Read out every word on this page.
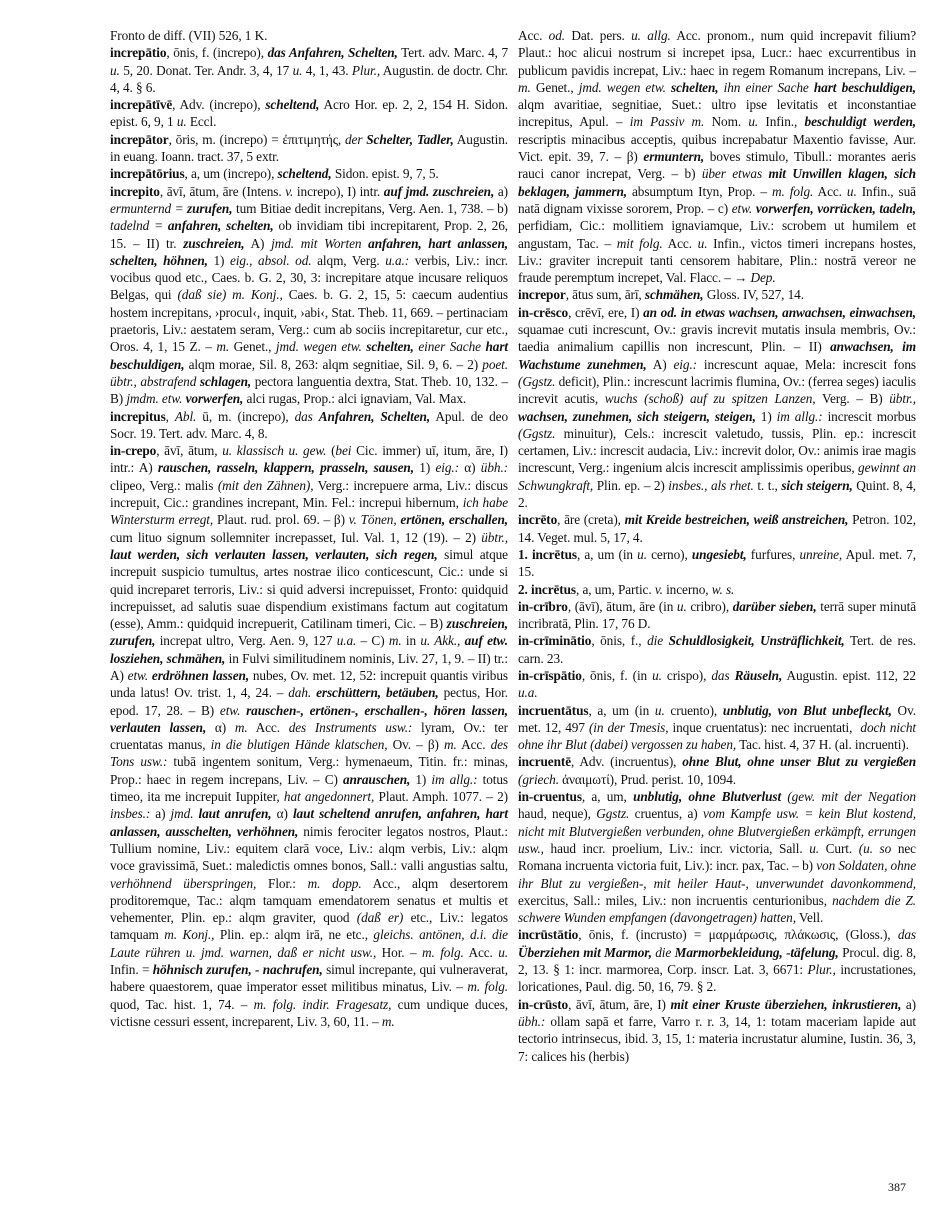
Fronto de diff. (VII) 526, 1 K.

increpātio, ōnis, f. (increpo), das Anfahren, Schelten, Tert. adv. Marc. 4, 7 u. 5, 20. Donat. Ter. Andr. 3, 4, 17 u. 4, 1, 43. Plur., Augustin. de doctr. Chr. 4, 4. § 6.

increpātīvē, Adv. (increpo), scheltend, Acro Hor. ep. 2, 2, 154 H. Sidon. epist. 6, 9, 1 u. Eccl.

increpātor, ōris, m. (increpo) = ἐπιτιμητής, der Schelter, Tadler, Augustin. in euang. Ioann. tract. 37, 5 extr.

increpātōrius, a, um (increpo), scheltend, Sidon. epist. 9, 7, 5.

increpito, āvī, ātum, āre (Intens. v. increpo), I) intr. auf jmd. zuschreien, a) ermunternd = zurufen, tum Bitiae dedit increpitans, Verg. Aen. 1, 738. – b) tadelnd = anfahren, schelten, ob invidiam tibi increpitarent, Prop. 2, 26, 15. – II) tr. zuschreien, A) jmd. mit Worten anfahren, hart anlassen, schelten, höhnen, 1) eig., absol. od. alqm, Verg. u.a.: verbis, Liv.: incr. vocibus quod etc., Caes. b. G. 2, 30, 3: increpitare atque incusare reliquos Belgas, qui (daß sie) m. Konj., Caes. b. G. 2, 15, 5: caecum audentius hostem increpitans, ›procul‹, inquit, ›abi‹, Stat. Theb. 11, 669. – pertinaciam praetoris, Liv.: aestatem seram, Verg.: cum ab sociis increpitaretur, cur etc., Oros. 4, 1, 15 Z. – m. Genet., jmd. wegen etw. schelten, einer Sache hart beschuldigen, alqm morae, Sil. 8, 263: alqm segnitiae, Sil. 9, 6. – 2) poet. übtr., abstrafend schlagen, pectora languentia dextra, Stat. Theb. 10, 132. – B) jmdm. etw. vorwerfen, alci rugas, Prop.: alci ignaviam, Val. Max.

increpitus, Abl. ū, m. (increpo), das Anfahren, Schelten, Apul. de deo Socr. 19. Tert. adv. Marc. 4, 8.

in-crepo, āvī, ātum, u. klassisch u. gew. (bei Cic. immer) uī, itum, āre, I) intr.: A) rauschen, rasseln, klappern, prasseln, sausen, 1) eig.: α) übh.: clipeo, Verg.: malis (mit den Zähnen), Verg.: increpuere arma, Liv.: discus increpuit, Cic.: grandines increpant, Min. Fel.: increpui hibernum, ich habe Wintersturm erregt, Plaut. rud. prol. 69. – β) v. Tönen, ertönen, erschallen, cum lituo signum sollemniter increpasset, Iul. Val. 1, 12 (19). – 2) übtr., laut werden, sich verlauten lassen, verlauten, sich regen, simul atque increpuit suspicio tumultus, artes nostrae ilico conticescunt, Cic.: unde si quid increparet terroris, Liv.: si quid adversi increpuisset, Fronto: quidquid increpuisset, ad salutis suae dispendium existimans factum aut cogitatum (esse), Amm.: quidquid increpuerit, Catilinam timeri, Cic. – B) zuschreien, zurufen, increpat ultro, Verg. Aen. 9, 127 u.a. – C) m. in u. Akk., auf etw. losziehen, schmähen, in Fulvi similitudinem nominis, Liv. 27, 1, 9. – II) tr.: A) etw. erdröhnen lassen, nubes, Ov. met. 12, 52: increpuit quantis viribus unda latus! Ov. trist. 1, 4, 24. – dah. erschüttern, betäuben, pectus, Hor. epod. 17, 28. – B) etw. rauschen-, ertönen-, erschallen-, hören lassen, verlauten lassen, α) m. Acc. des Instruments usw.: lyram, Ov.: ter cruentatas manus, in die blutigen Hände klatschen, Ov. – β) m. Acc. des Tons usw.: tubā ingentem sonitum, Verg.: hymenaeum, Titin. fr.: minas, Prop.: haec in regem increpans, Liv. – C) anrauschen, 1) im allg.: totus timeo, ita me increpuit Iuppiter, hat angedonnert, Plaut. Amph. 1077. – 2) insbes.: a) jmd. laut anrufen, α) laut scheltend anrufen, anfahren, hart anlassen, ausschelten, verhöhnen, nimis ferociter legatos nostros, Plaut.: Tullium nomine, Liv.: equitem clarā voce, Liv.: alqm verbis, Liv.: alqm voce gravissimā, Suet.: maledictis omnes bonos, Sall.: valli angustias saltu, verhöhnend überspringen, Flor.: m. dopp. Acc., alqm desertorem proditoremque, Tac.: alqm tamquam emendatorem senatus et multis et vehementer, Plin. ep.: alqm graviter, quod (daß er) etc., Liv.: legatos tamquam m. Konj., Plin. ep.: alqm irā, ne etc., gleichs. antönen, d.i. die Laute rühren u. jmd. warnen, daß er nicht usw., Hor. – m. folg. Acc. u. Infin. = höhnisch zurufen, - nachrufen, simul increpante, qui vulneraverat, habere quaestorem, quae imperator esset militibus minatus, Liv. – m. folg. quod, Tac. hist. 1, 74. – m. folg. indir. Fragesatz, cum undique duces, victisne cessuri essent, increparent, Liv. 3, 60, 11. – m.

Acc. od. Dat. pers. u. allg. Acc. pronom., num quid increpavit filium? Plaut.: hoc alicui nostrum si increpet ipsa, Lucr.: haec excurrentibus in publicum pavidis increpat, Liv.: haec in regem Romanum increpans, Liv. – m. Genet., jmd. wegen etw. schelten, ihn einer Sache hart beschuldigen, alqm avaritiae, segnitiae, Suet.: ultro ipse levitatis et inconstantiae increpitus, Apul. – im Passiv m. Nom. u. Infin., beschuldigt werden, rescriptis minacibus acceptis, quibus increpabatur Maxentio favisse, Aur. Vict. epit. 39, 7. – β) ermuntern, boves stimulo, Tibull.: morantes aeris rauci canor increpat, Verg. – b) über etwas mit Unwillen klagen, sich beklagen, jammern, absumptum Ityn, Prop. – m. folg. Acc. u. Infin., suā natā dignam vixisse sororem, Prop. – c) etw. vorwerfen, vorrücken, tadeln, perfidiam, Cic.: mollitiem ignaviamque, Liv.: scrobem ut humilem et angustam, Tac. – mit folg. Acc. u. Infin., victos timeri increpans hostes, Liv.: graviter increpuit tanti censorem habitare, Plin.: nostrā vereor ne fraude peremptum increpet, Val. Flacc. – → Dep.

increpor, ātus sum, ārī, schmähen, Gloss. IV, 527, 14.

in-crēsco, crēvī, ere, I) an od. in etwas wachsen, anwachsen, einwachsen, squamae cuti increscunt, Ov.: gravis increvit mutatis insula membris, Ov.: taedia animalium capillis non increscunt, Plin. – II) anwachsen, im Wachstume zunehmen, A) eig.: increscunt aquae, Mela: increscit fons (Ggstz. deficit), Plin.: increscunt lacrimis flumina, Ov.: (ferrea seges) iaculis increvit acutis, wuchs (schoß) auf zu spitzen Lanzen, Verg. – B) übtr., wachsen, zunehmen, sich steigern, steigen, 1) im allg.: increscit morbus (Ggstz. minuitur), Cels.: increscit valetudo, tussis, Plin. ep.: increscit certamen, Liv.: increscit audacia, Liv.: increvit dolor, Ov.: animis irae magis increscunt, Verg.: ingenium alcis increscit amplissimis operibus, gewinnt an Schwungkraft, Plin. ep. – 2) insbes., als rhet. t. t., sich steigern, Quint. 8, 4, 2.

incrēto, āre (creta), mit Kreide bestreichen, weiß anstreichen, Petron. 102, 14. Veget. mul. 5, 17, 4.

1. incrētus, a, um (in u. cerno), ungesiebt, furfures, unreine, Apul. met. 7, 15.

2. incrētus, a, um, Partic. v. incerno, w. s.

in-crībro, (āvī), ātum, āre (in u. cribro), darüber sieben, terrā super minutā incribratā, Plin. 17, 76 D.

in-crīminātio, ōnis, f., die Schuldlosigkeit, Unsträflichkeit, Tert. de res. carn. 23.

in-crīspātio, ōnis, f. (in u. crispo), das Räuseln, Augustin. epist. 112, 22 u.a.

incruentātus, a, um (in u. cruento), unblutig, von Blut unbefleckt, Ov. met. 12, 497 (in der Tmesis, inque cruentatus): nec incruentati,  doch nicht ohne ihr Blut (dabei) vergossen zu haben, Tac. hist. 4, 37 H. (al. incruenti).

incruentē, Adv. (incruentus), ohne Blut, ohne unser Blut zu vergießen (griech. ἀναιμωτί), Prud. perist. 10, 1094.

in-cruentus, a, um, unblutig, ohne Blutverlust (gew. mit der Negation haud, neque), Ggstz. cruentus, a) vom Kampfe usw. = kein Blut kostend, nicht mit Blutvergießen verbunden, ohne Blutvergießen erkämpft, errungen usw., haud incr. proelium, Liv.: incr. victoria, Sall. u. Curt. (u. so nec Romana incruenta victoria fuit, Liv.): incr. pax, Tac. – b) von Soldaten, ohne ihr Blut zu vergießen-, mit heiler Haut-, unverwundet davonkommend, exercitus, Sall.: miles, Liv.: non incruentis centurionibus, nachdem die Z. schwere Wunden empfangen (davongetragen) hatten, Vell.

incrūstātio, ōnis, f. (incrusto) = μαρμάρωσις, πλάκωσις, (Gloss.), das Überziehen mit Marmor, die Marmorbekleidung, -täfelung, Procul. dig. 8, 2, 13. § 1: incr. marmorea, Corp. inscr. Lat. 3, 6671: Plur., incrustationes, loricationes, Paul. dig. 50, 16, 79. § 2.

in-crūsto, āvī, ātum, āre, I) mit einer Kruste überziehen, inkrustieren, a) übh.: ollam sapā et farre, Varro r. r. 3, 14, 1: totam maceriam lapide aut tectorio intrinsecus, ibid. 3, 15, 1: materia incrustatur alumine, Iustin. 36, 3, 7: calices his (herbis)

387
